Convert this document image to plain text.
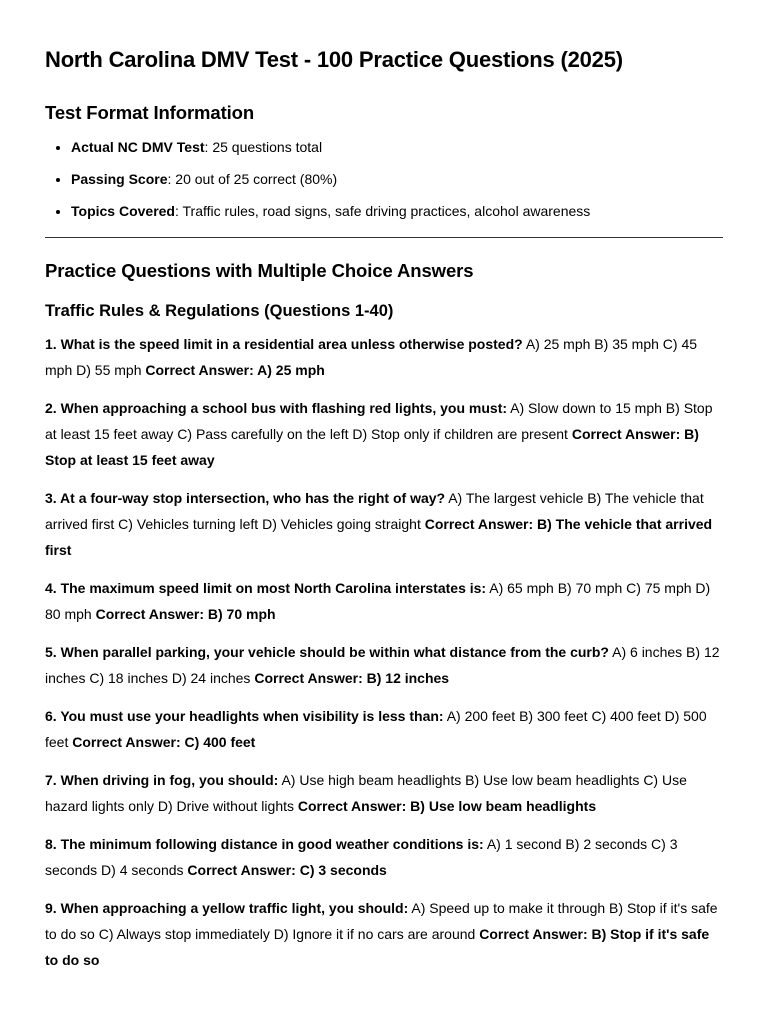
North Carolina DMV Test - 100 Practice Questions (2025)
Test Format Information
• Actual NC DMV Test: 25 questions total
• Passing Score: 20 out of 25 correct (80%)
• Topics Covered: Traffic rules, road signs, safe driving practices, alcohol awareness
Practice Questions with Multiple Choice Answers
Traffic Rules & Regulations (Questions 1-40)

1. What is the speed limit in a residential area unless otherwise posted? A) 25 mph B) 35 mph C) 45 mph D) 55 mph Correct Answer: A) 25 mph

2. When approaching a school bus with flashing red lights, you must: A) Slow down to 15 mph B) Stop at least 15 feet away C) Pass carefully on the left D) Stop only if children are present Correct Answer: B) Stop at least 15 feet away

3. At a four-way stop intersection, who has the right of way? A) The largest vehicle B) The vehicle that arrived first C) Vehicles turning left D) Vehicles going straight Correct Answer: B) The vehicle that arrived first

4. The maximum speed limit on most North Carolina interstates is: A) 65 mph B) 70 mph C) 75 mph D) 80 mph Correct Answer: B) 70 mph

5. When parallel parking, your vehicle should be within what distance from the curb? A) 6 inches B) 12 inches C) 18 inches D) 24 inches Correct Answer: B) 12 inches

6. You must use your headlights when visibility is less than: A) 200 feet B) 300 feet C) 400 feet D) 500 feet Correct Answer: C) 400 feet

7. When driving in fog, you should: A) Use high beam headlights B) Use low beam headlights C) Use hazard lights only D) Drive without lights Correct Answer: B) Use low beam headlights

8. The minimum following distance in good weather conditions is: A) 1 second B) 2 seconds C) 3 seconds D) 4 seconds Correct Answer: C) 3 seconds

9. When approaching a yellow traffic light, you should: A) Speed up to make it through B) Stop if it's safe to do so C) Always stop immediately D) Ignore it if no cars are around Correct Answer: B) Stop if it's safe to do so
